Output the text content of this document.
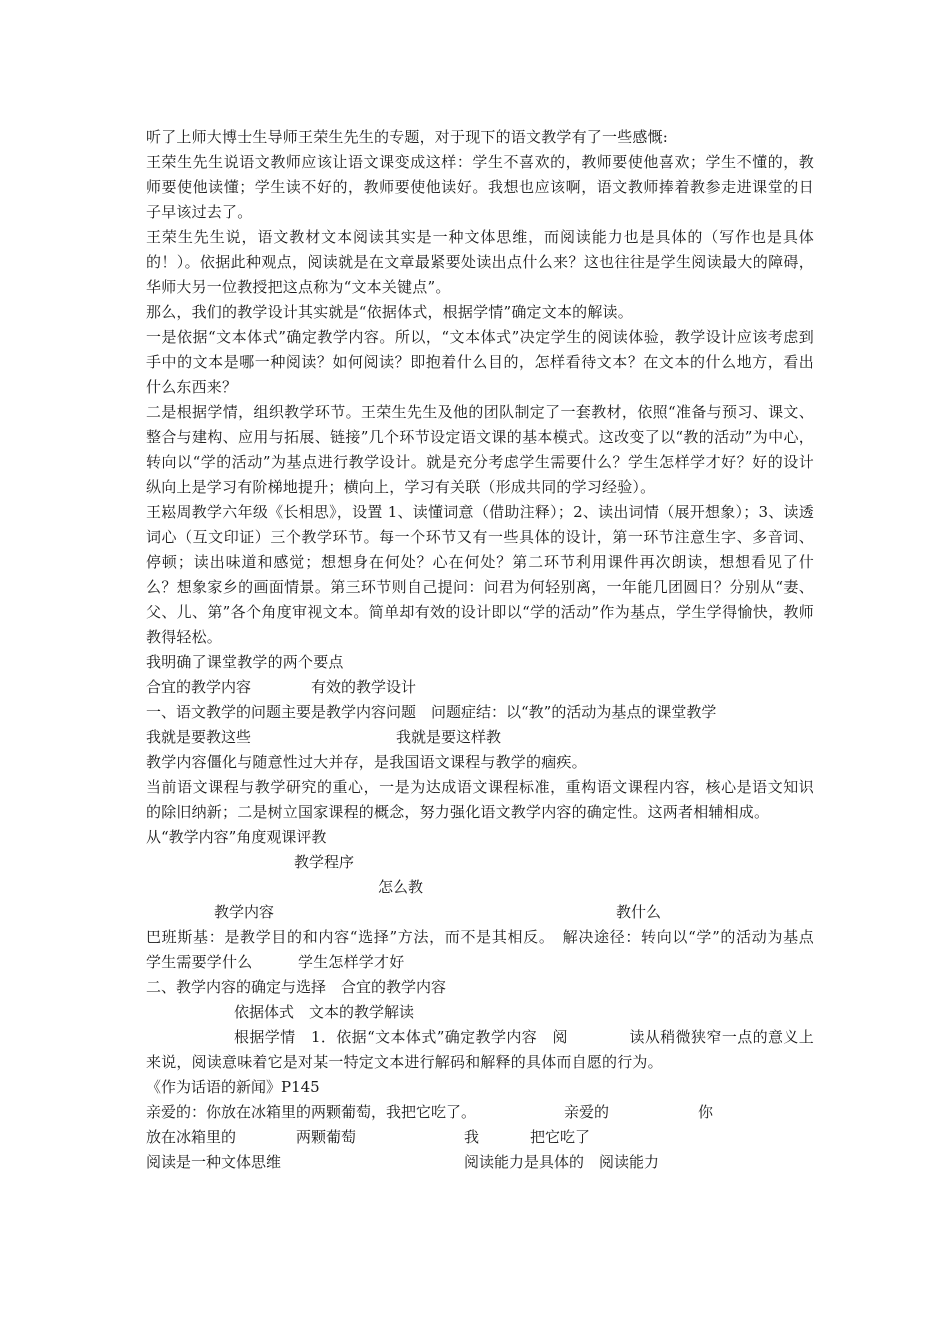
听了上师大博士生导师王荣生先生的专题，对于现下的语文教学有了一些感慨:

王荣生先生说语文教师应该让语文课变成这样：学生不喜欢的，教师要使他喜欢；学生不懂的，教师要使他读懂；学生读不好的，教师要使他读好。我想也应该啊，语文教师捧着教参走进课堂的日子早该过去了。

王荣生先生说，语文教材文本阅读其实是一种文体思维，而阅读能力也是具体的（写作也是具体的！）。依据此种观点，阅读就是在文章最紧要处读出点什么来？这也往往是学生阅读最大的障碍，华师大另一位教授把这点称为“文本关键点”。

那么，我们的教学设计其实就是“依据体式，根据学情”确定文本的解读。

一是依据“文本体式”确定教学内容。所以，“文本体式”决定学生的阅读体验，教学设计应该考虑到手中的文本是哪一种阅读？如何阅读？即抱着什么目的，怎样看待文本？在文本的什么地方，看出什么东西来？

二是根据学情，组织教学环节。王荣生先生及他的团队制定了一套教材，依照“准备与预习、课文、整合与建构、应用与拓展、链接”几个环节设定语文课的基本模式。这改变了以“教的活动”为中心，转向以“学的活动”为基点进行教学设计。就是充分考虑学生需要什么？学生怎样学才好？好的设计纵向上是学习有阶梯地提升；横向上，学习有关联（形成共同的学习经验）。

王崧周教学六年级《长相思》，设置 1、读懂词意（借助注释）；2、读出词情（展开想象）；3、读透词心（互文印证）三个教学环节。每一个环节又有一些具体的设计，第一环节注意生字、多音词、停顿；读出味道和感觉；想想身在何处？心在何处？第二环节利用课件再次朗读，想想看见了什么？想象家乡的画面情景。第三环节则自己提问：问君为何轻别离，一年能几团圆日？分别从“妻、父、儿、第”各个角度审视文本。简单却有效的设计即以“学的活动”作为基点，学生学得愉快，教师教得轻松。

我明确了课堂教学的两个要点

合宜的教学内容	有效的教学设计
一、语文教学的问题主要是教学内容问题　问题症结：以“教”的活动为基点的课堂教学
我就是要教这些	我就是要这样教

教学内容僵化与随意性过大并存，是我国语文课程与教学的痼疾。

当前语文课程与教学研究的重心，一是为达成语文课程标准，重构语文课程内容，核心是语文知识的除旧纳新；二是树立国家课程的概念，努力强化语文教学内容的确定性。这两者相辅相成。

从“教学内容”角度观课评教
教学程序
怎么教
教学内容	教什么

巴班斯基：是教学目的和内容“选择”方法，而不是其相反。　解决途径：转向以“学”的活动为基点　学生需要学什么　　　学生怎样学才好

二、教学内容的确定与选择　合宜的教学内容
依据体式　文本的教学解读

根据学情　1．依据“文本体式”确定教学内容　阅　　　　读从稍微狭窄一点的意义上来说，阅读意味着它是对某一特定文本进行解码和解释的具体而自愿的行为。

《作为话语的新闻》P145
亲爱的：你放在冰箱里的两颗葡萄，我把它吃了。	亲爱的	你
放在冰箱里的	两颗葡萄	我	把它吃了
阅读是一种文体思维	阅读能力是具体的　阅读能力
